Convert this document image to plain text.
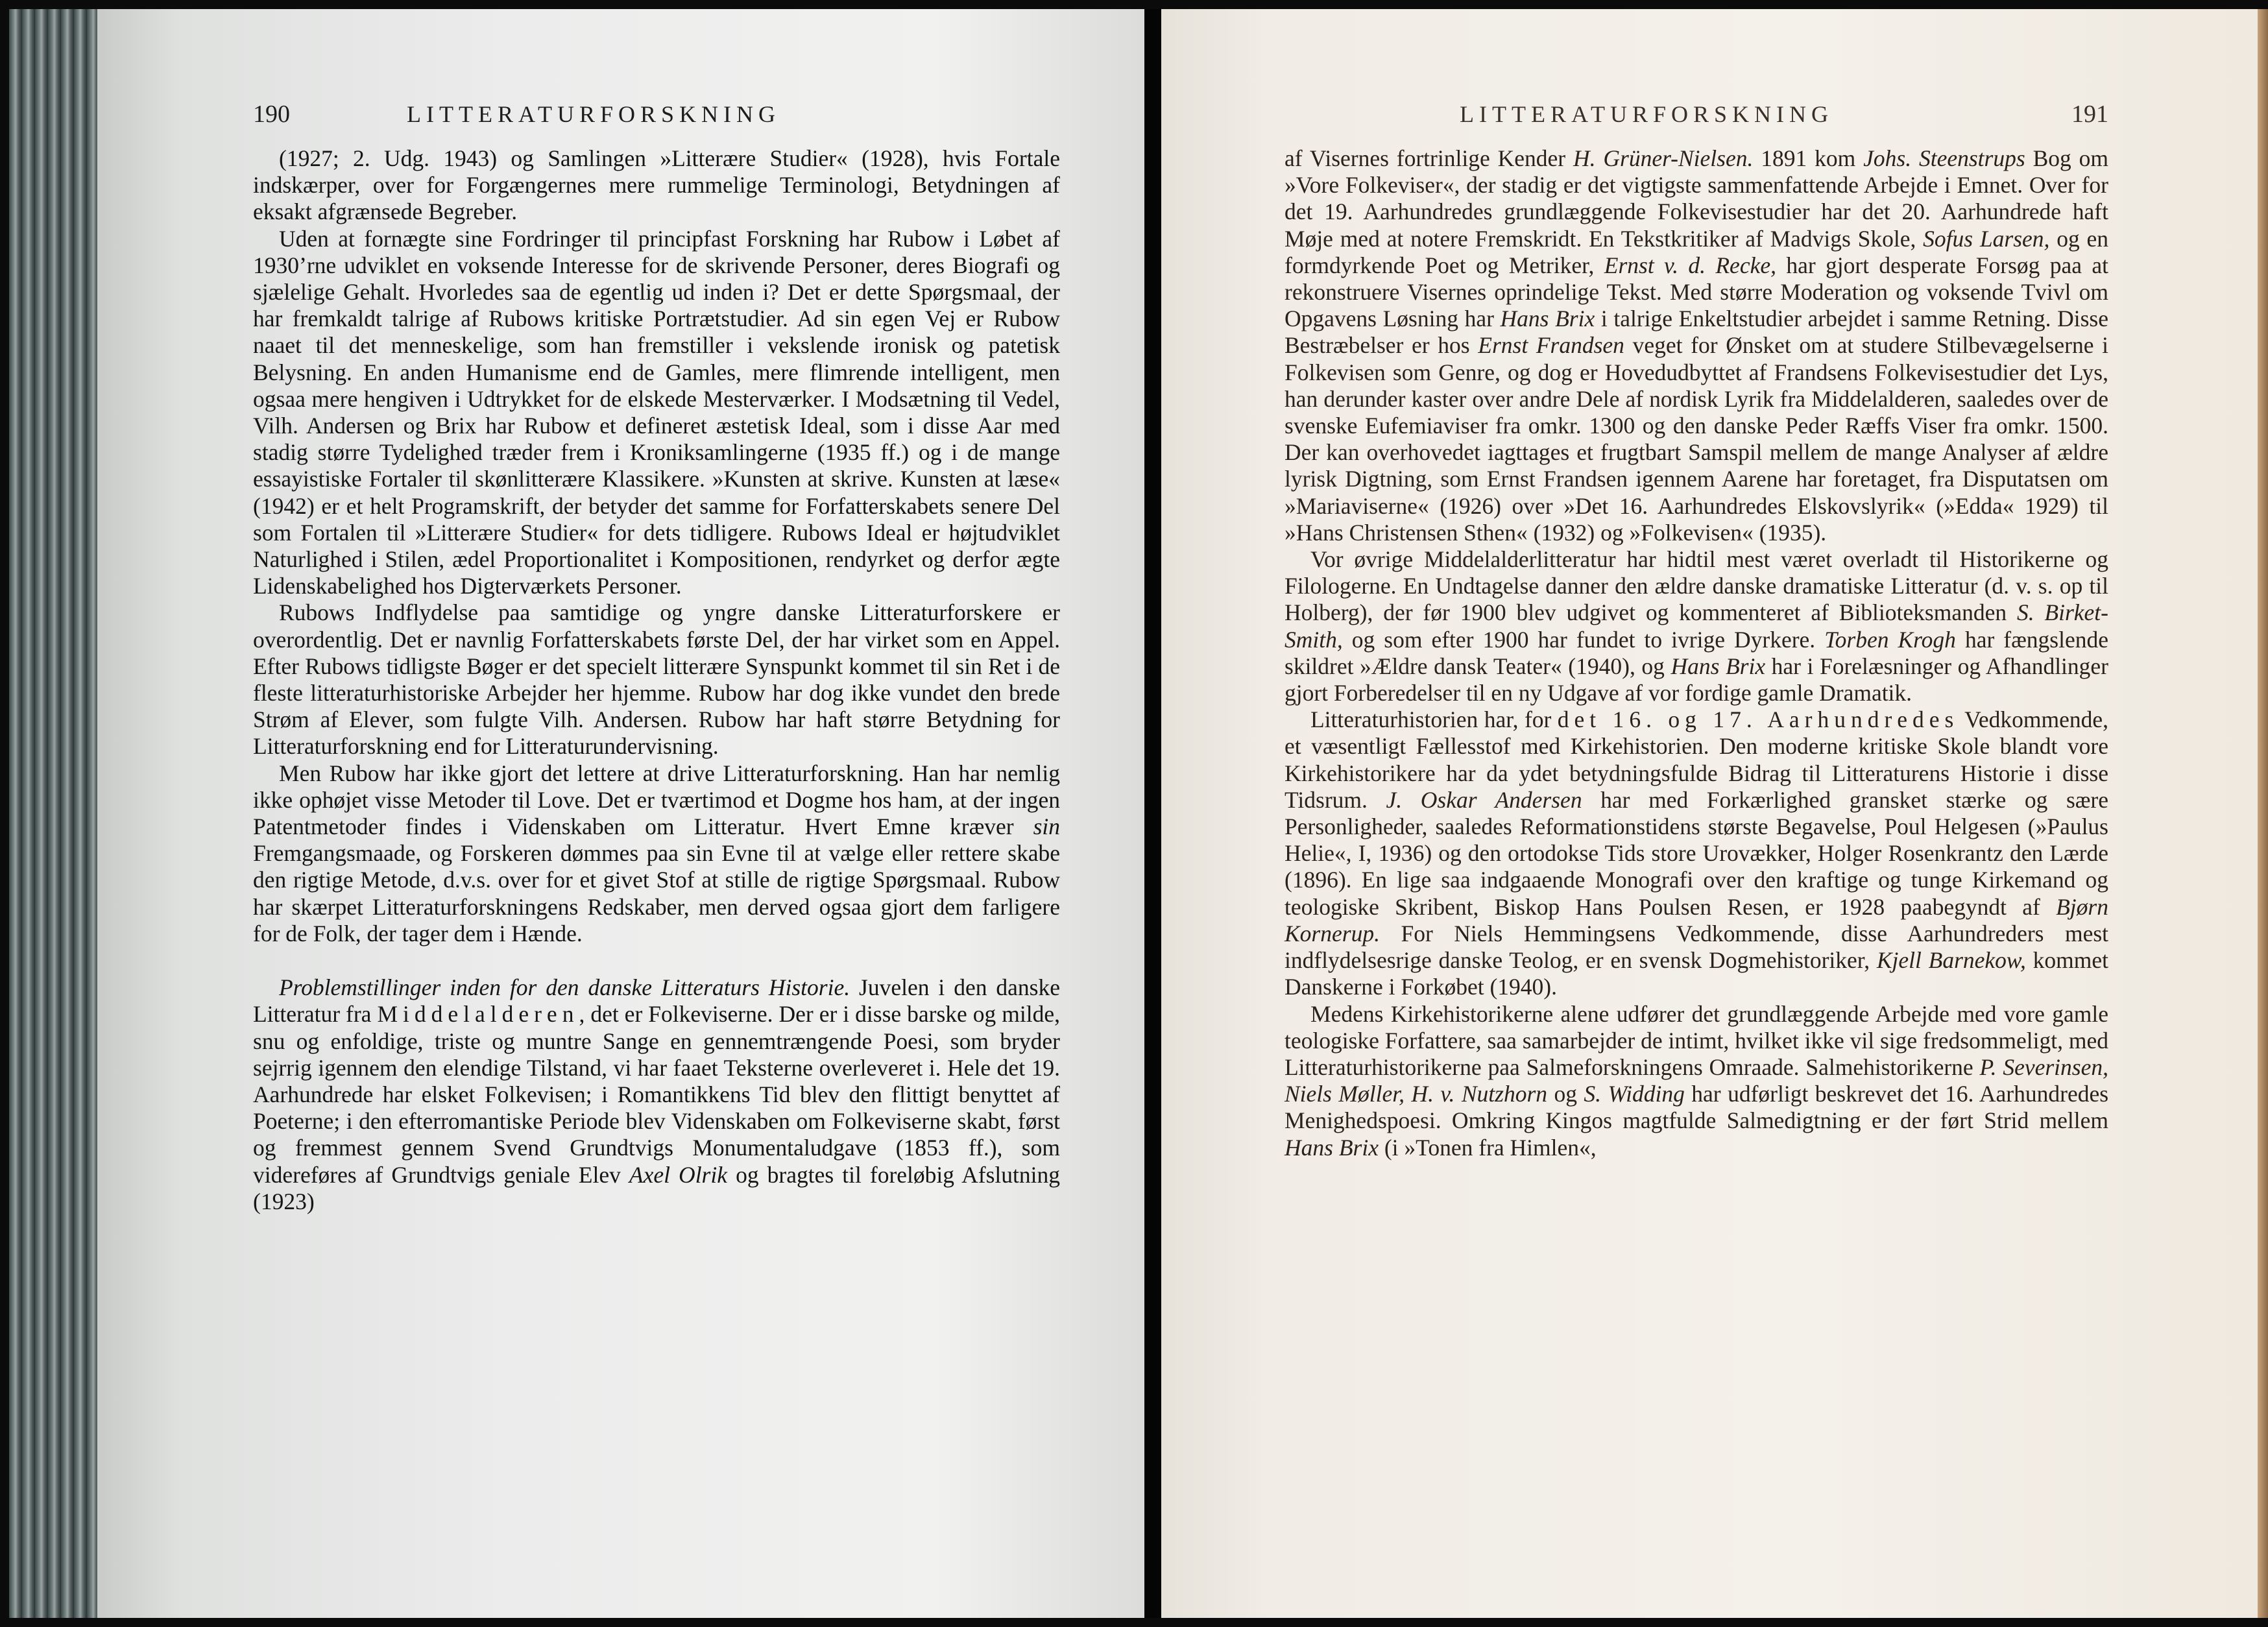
190	LITTERATURFORSKNING

(1927; 2. Udg. 1943) og Samlingen »Litterære Studier« (1928), hvis Fortale indskærper, over for Forgængernes mere rummelige Terminologi, Betydningen af eksakt afgrænsede Begreber.

Uden at fornægte sine Fordringer til principfast Forskning har Rubow i Løbet af 1930’rne udviklet en voksende Interesse for de skrivende Personer, deres Biografi og sjælelige Gehalt. Hvorledes saa de egentlig ud inden i? Det er dette Spørgsmaal, der har fremkaldt talrige af Rubows kritiske Portrætstudier. Ad sin egen Vej er Rubow naaet til det menneskelige, som han fremstiller i vekslende ironisk og patetisk Belysning. En anden Humanisme end de Gamles, mere flimrende intelligent, men ogsaa mere hengiven i Udtrykket for de elskede Mesterværker. I Modsætning til Vedel, Vilh. Andersen og Brix har Rubow et defineret æstetisk Ideal, som i disse Aar med stadig større Tydelighed træder frem i Kroniksamlingerne (1935 ff.) og i de mange essayistiske Fortaler til skønlitterære Klassikere. »Kunsten at skrive. Kunsten at læse« (1942) er et helt Programskrift, der betyder det samme for Forfatterskabets senere Del som Fortalen til »Litterære Studier« for dets tidligere. Rubows Ideal er højtudviklet Naturlighed i Stilen, ædel Proportionalitet i Kompositionen, rendyrket og derfor ægte Lidenskabelighed hos Digterværkets Personer.

Rubows Indflydelse paa samtidige og yngre danske Litteraturforskere er overordentlig. Det er navnlig Forfatterskabets første Del, der har virket som en Appel. Efter Rubows tidligste Bøger er det specielt litterære Synspunkt kommet til sin Ret i de fleste litteraturhistoriske Arbejder her hjemme. Rubow har dog ikke vundet den brede Strøm af Elever, som fulgte Vilh. Andersen. Rubow har haft større Betydning for Litteraturforskning end for Litteraturundervisning.

Men Rubow har ikke gjort det lettere at drive Litteraturforskning. Han har nemlig ikke ophøjet visse Metoder til Love. Det er tværtimod et Dogme hos ham, at der ingen Patentmetoder findes i Videnskaben om Litteratur. Hvert Emne kræver sin Fremgangsmaade, og Forskeren dømmes paa sin Evne til at vælge eller rettere skabe den rigtige Metode, d.v.s. over for et givet Stof at stille de rigtige Spørgsmaal. Rubow har skærpet Litteraturforskningens Redskaber, men derved ogsaa gjort dem farligere for de Folk, der tager dem i Hænde.

Problemstillinger inden for den danske Litteraturs Historie. Juvelen i den danske Litteratur fra Middelalderen, det er Folkeviserne. Der er i disse barske og milde, snu og enfoldige, triste og muntre Sange en gennemtrængende Poesi, som bryder sejrrig igennem den elendige Tilstand, vi har faaet Teksterne overleveret i. Hele det 19. Aarhundrede har elsket Folkevisen; i Romantikkens Tid blev den flittigt benyttet af Poeterne; i den efterromantiske Periode blev Videnskaben om Folkeviserne skabt, først og fremmest gennem Svend Grundtvigs Monumentaludgave (1853 ff.), som videreføres af Grundtvigs geniale Elev Axel Olrik og bragtes til foreløbig Afslutning (1923)

LITTERATURFORSKNING	191

af Visernes fortrinlige Kender H. Grüner-Nielsen. 1891 kom Johs. Steenstrups Bog om »Vore Folkeviser«, der stadig er det vigtigste sammenfattende Arbejde i Emnet. Over for det 19. Aarhundredes grundlæggende Folkevisestudier har det 20. Aarhundrede haft Møje med at notere Fremskridt. En Tekstkritiker af Madvigs Skole, Sofus Larsen, og en formdyrkende Poet og Metriker, Ernst v. d. Recke, har gjort desperate Forsøg paa at rekonstruere Visernes oprindelige Tekst. Med større Moderation og voksende Tvivl om Opgavens Løsning har Hans Brix i talrige Enkeltstudier arbejdet i samme Retning. Disse Bestræbelser er hos Ernst Frandsen veget for Ønsket om at studere Stilbevægelserne i Folkevisen som Genre, og dog er Hovedudbyttet af Frandsens Folkevisestudier det Lys, han derunder kaster over andre Dele af nordisk Lyrik fra Middelalderen, saaledes over de svenske Eufemiaviser fra omkr. 1300 og den danske Peder Ræffs Viser fra omkr. 1500. Der kan overhovedet iagttages et frugtbart Samspil mellem de mange Analyser af ældre lyrisk Digtning, som Ernst Frandsen igennem Aarene har foretaget, fra Disputatsen om »Mariaviserne« (1926) over »Det 16. Aarhundredes Elskovslyrik« (»Edda« 1929) til »Hans Christensen Sthen« (1932) og »Folkevisen« (1935).

Vor øvrige Middelalderlitteratur har hidtil mest været overladt til Historikerne og Filologerne. En Undtagelse danner den ældre danske dramatiske Litteratur (d. v. s. op til Holberg), der før 1900 blev udgivet og kommenteret af Biblioteksmanden S. Birket-Smith, og som efter 1900 har fundet to ivrige Dyrkere. Torben Krogh har fængslende skildret »Ældre dansk Teater« (1940), og Hans Brix har i Forelæsninger og Afhandlinger gjort Forberedelser til en ny Udgave af vor fordige gamle Dramatik.

Litteraturhistorien har, for det 16. og 17. Aarhundredes Vedkommende, et væsentligt Fællesstof med Kirkehistorien. Den moderne kritiske Skole blandt vore Kirkehistorikere har da ydet betydningsfulde Bidrag til Litteraturens Historie i disse Tidsrum. J. Oskar Andersen har med Forkærlighed gransket stærke og sære Personligheder, saaledes Reformationstidens største Begavelse, Poul Helgesen (»Paulus Helie«, I, 1936) og den ortodokse Tids store Urovækker, Holger Rosenkrantz den Lærde (1896). En lige saa indgaaende Monografi over den kraftige og tunge Kirkemand og teologiske Skribent, Biskop Hans Poulsen Resen, er 1928 paabegyndt af Bjørn Kornerup. For Niels Hemmingsens Vedkommende, disse Aarhundreders mest indflydelsesrige danske Teolog, er en svensk Dogmehistoriker, Kjell Barnekow, kommet Danskerne i Forkøbet (1940).

Medens Kirkehistorikerne alene udfører det grundlæggende Arbejde med vore gamle teologiske Forfattere, saa samarbejder de intimt, hvilket ikke vil sige fredsommeligt, med Litteraturhistorikerne paa Salmeforskningens Omraade. Salmehistorikerne P. Severinsen, Niels Møller, H. v. Nutzhorn og S. Widding har udførligt beskrevet det 16. Aarhundredes Menighedspoesi. Omkring Kingos magtfulde Salmedigtning er der ført Strid mellem Hans Brix (i »Tonen fra Himlen«,
